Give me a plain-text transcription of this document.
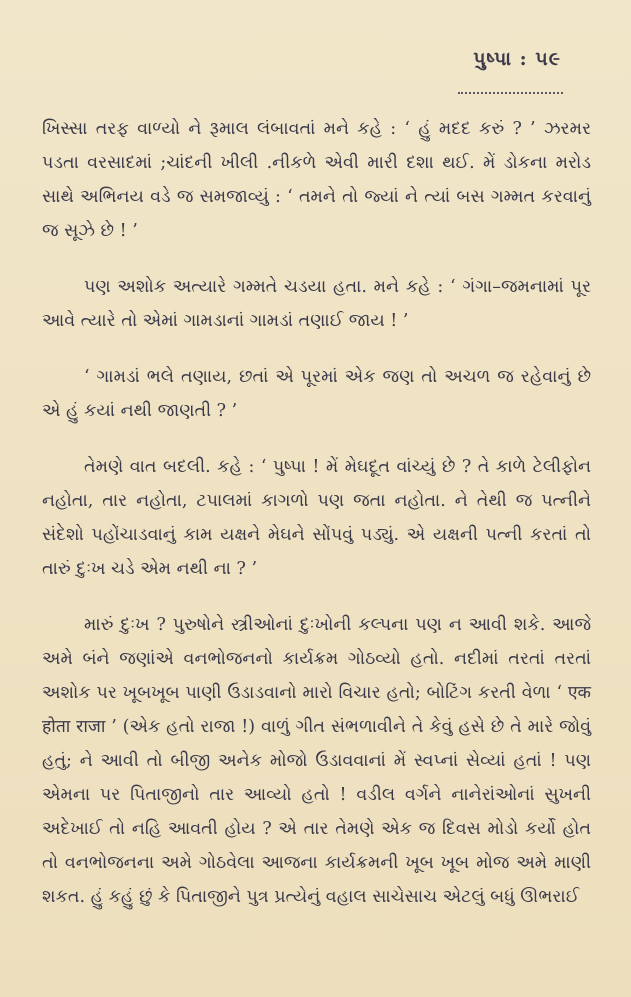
પુષ્પા : ૫૯

ખિસ્સા તરફ વાળ્યો ને રૂમાલ લંબાવતાં મને કહે : ‘ હું મદદ કરું ? ’ ઝરમર પડતા વરસાદમાં ;ચાંદની ખીલી .નીકળે એવી મારી દશા થઈ. મેં ડોકના મરોડ સાથે અભિનય વડે જ સમજાવ્યું : ‘ તમને તો જ્યાં ને ત્યાં બસ ગમ્મત કરવાનું જ સૂઝે છે ! ’

પણ અશોક અત્યારે ગમ્મતે ચડયા હતા. મને કહે : ‘ ગંગા–જમનામાં પૂર આવે ત્યારે તો એમાં ગામડાનાં ગામડાં તણાઈ જાય ! ’

‘ ગામડાં ભલે તણાય, છતાં એ પૂરમાં એક જણ તો અચળ જ રહેવાનું છે એ હું કયાં નથી જાણતી ? ’

તેમણે વાત બદલી. કહે : ‘ પુષ્પા ! મેં મેઘદૂત વાંચ્યું છે ? તે કાળે ટેલીફોન નહોતા, તાર નહોતા, ટપાલમાં કાગળો પણ જતા નહોતા. ને તેથી જ પત્નીને સંદેશો પહોંચાડવાનું કામ યક્ષને મેઘને સોંપવું પડ્યું. એ યક્ષની પત્ની કરતાં તો તારું દુઃખ ચડે એમ નથી ના ? ’

મારું દુઃખ ? પુરુષોને સ્ત્રીઓનાં દુઃખોની કલ્પના પણ ન આવી શકે. આજે અમે બંને જણાંએ વનભોજનનો કાર્યક્રમ ગોઠવ્યો હતો. નદીમાં તરતાં તરતાં અશોક પર ખૂબખૂબ પાણી ઉડાડવાનો મારો વિચાર હતો; બોટિંગ કરતી વેળા ‘ एक होता राजा ’ (એક હતો રાજા !) વાળું ગીત સંભળાવીને તે કેવું હસે છે તે મારે જોવું હતું; ને આવી તો બીજી અનેક મોજો ઉડાવવાનાં મેં સ્વપ્નાં સેવ્યાં હતાં ! પણ એમના પર પિતાજીનો તાર આવ્યો હતો ! વડીલ વર્ગને નાનેરાંઓનાં સુખની અદેખાઈ તો નહિ આવતી હોય ? એ તાર તેમણે એક જ દિવસ મોડો કર્યો હોત તો વનભોજનના અમે ગોઠવેલા આજના કાર્યક્રમની ખૂબ ખૂબ મોજ અમે માણી શકત. હું કહું છું કે પિતાજીને પુત્ર પ્રત્યેનું વહાલ સાચેસાચ એટલું બધું ઊભરાઈ
